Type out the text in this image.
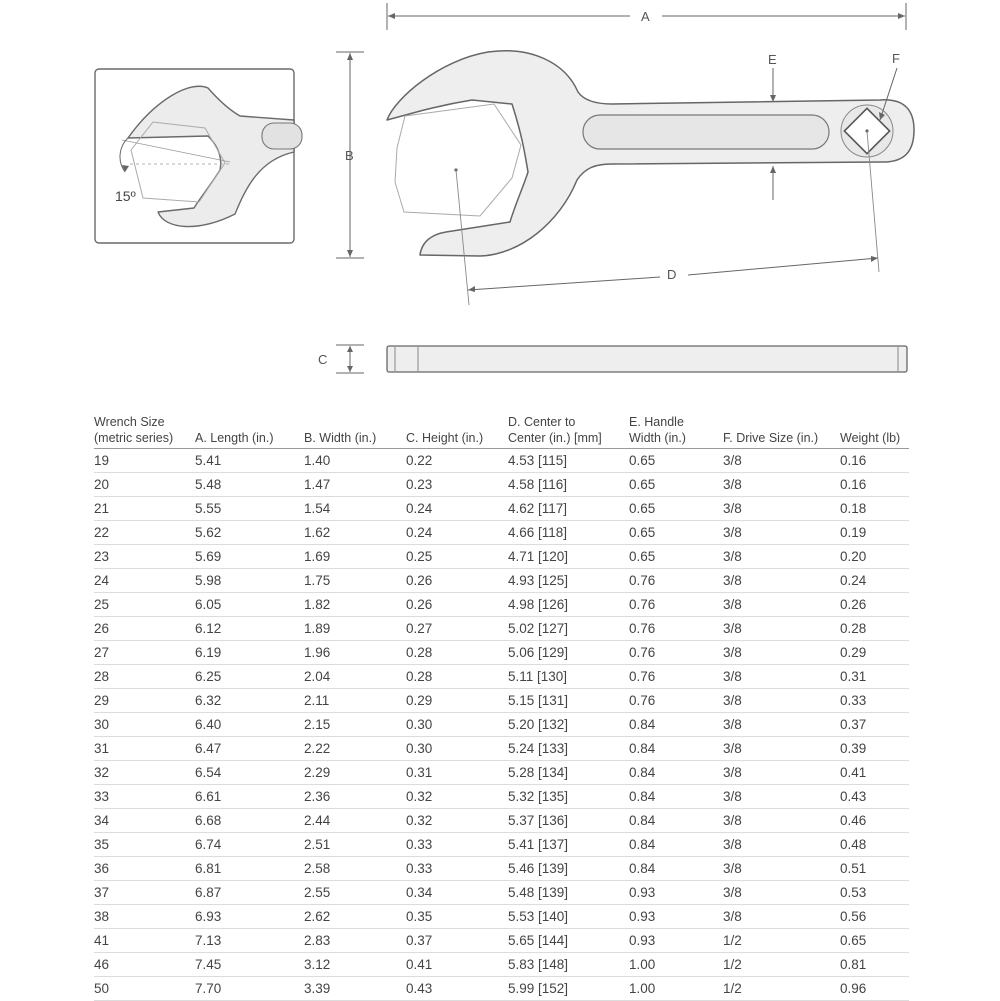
15º
A
B
D
E	F
C
Wrench Size
(metric series)	A. Length (in.)	B. Width (in.)	C. Height (in.)	D. Center to
Center (in.) [mm]	E. Handle
Width (in.)	F. Drive Size (in.)	Weight (lb)
19	5.41	1.40	0.22	4.53 [115]	0.65	3/8	0.16
20	5.48	1.47	0.23	4.58 [116]	0.65	3/8	0.16
21	5.55	1.54	0.24	4.62 [117]	0.65	3/8	0.18
22	5.62	1.62	0.24	4.66 [118]	0.65	3/8	0.19
23	5.69	1.69	0.25	4.71 [120]	0.65	3/8	0.20
24	5.98	1.75	0.26	4.93 [125]	0.76	3/8	0.24
25	6.05	1.82	0.26	4.98 [126]	0.76	3/8	0.26
26	6.12	1.89	0.27	5.02 [127]	0.76	3/8	0.28
27	6.19	1.96	0.28	5.06 [129]	0.76	3/8	0.29
28	6.25	2.04	0.28	5.11 [130]	0.76	3/8	0.31
29	6.32	2.11	0.29	5.15 [131]	0.76	3/8	0.33
30	6.40	2.15	0.30	5.20 [132]	0.84	3/8	0.37
31	6.47	2.22	0.30	5.24 [133]	0.84	3/8	0.39
32	6.54	2.29	0.31	5.28 [134]	0.84	3/8	0.41
33	6.61	2.36	0.32	5.32 [135]	0.84	3/8	0.43
34	6.68	2.44	0.32	5.37 [136]	0.84	3/8	0.46
35	6.74	2.51	0.33	5.41 [137]	0.84	3/8	0.48
36	6.81	2.58	0.33	5.46 [139]	0.84	3/8	0.51
37	6.87	2.55	0.34	5.48 [139]	0.93	3/8	0.53
38	6.93	2.62	0.35	5.53 [140]	0.93	3/8	0.56
41	7.13	2.83	0.37	5.65 [144]	0.93	1/2	0.65
46	7.45	3.12	0.41	5.83 [148]	1.00	1/2	0.81
50	7.70	3.39	0.43	5.99 [152]	1.00	1/2	0.96
